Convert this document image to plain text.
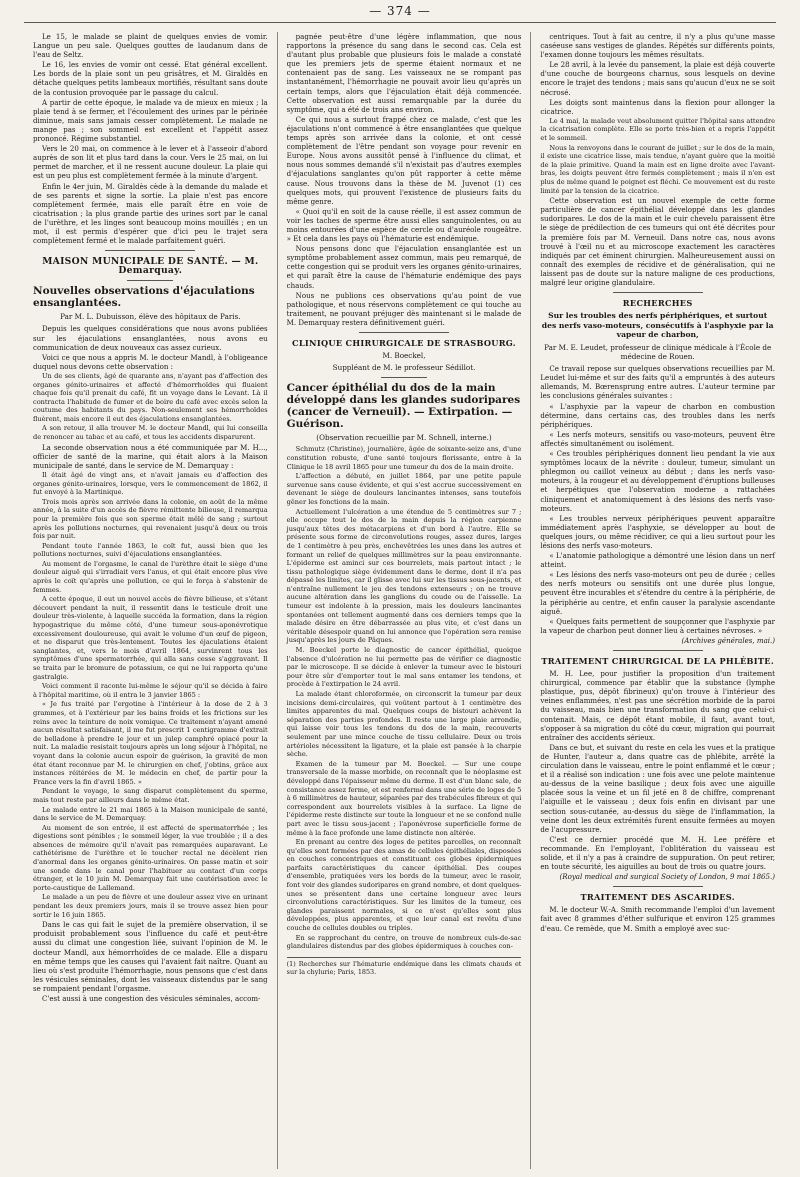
— 374 —

Le 15, le malade se plaint de quelques envies de vomir. Langue un peu sale. Quelques gouttes de laudanum dans de l'eau de Seltz.

Le 16, les envies de vomir ont cessé. Etat général excellent. Les bords de la plaie sont un peu grisâtres, et M. Giraldès en détache quelques petits lambeaux mortifiés, résultant sans doute de la contusion provoquée par le passage du calcul.

A partir de cette époque, le malade va de mieux en mieux ; la plaie tend à se fermer, et l'écoulement des urines par le périnée diminue, mais sans jamais cesser complètement. Le malade ne mange pas ; son sommeil est excellent et l'appétit assez prononcé. Régime substantiel.

Vers le 20 mai, on commence à le lever et à l'asseoir d'abord auprès de son lit et plus tard dans la cour. Vers le 25 mai, on lui permet de marcher, et il ne ressent aucune douleur. La plaie qui est un peu plus est complètement fermée à la minute d'argent.

Enfin le 4er juin, M. Giraldès cède à la demande du malade et de ses parents et signe la sortie. La plaie n'est pas encore complètement fermée, mais elle paraît être en voie de cicatrisation ; la plus grande partie des urines sort par le canal de l'urèthre, et les linges sont beaucoup moins mouillés ; en un mot, il est permis d'espérer que d'ici peu le trajet sera complètement fermé et le malade parfaitement guéri.

MAISON MUNICIPALE DE SANTÉ. — M. Demarquay.
Nouvelles observations d'éjaculations ensanglantées.
Par M. L. Dubuisson, élève des hôpitaux de Paris.

Depuis les quelques considérations que nous avons publiées sur les éjaculations ensanglantées, nous avons eu communication de deux nouveaux cas assez curieux.

Voici ce que nous a appris M. le docteur Mandl, à l'obligeance duquel nous devons cette observation :

Un de ses clients, âgé de quarante ans, n'ayant pas d'affection des organes génito-urinaires et affecté d'hémorrhoïdes qui fluaient chaque fois qu'il prenait du café, fit un voyage dans le Levant. Là il contracta l'habitude de fumer et de boire du café avec excès selon la coutume des habitants du pays. Non-seulement ses hémorrhoïdes fluèrent, mais encore il eut des éjaculations ensanglantées.

A son retour, il alla trouver M. le docteur Mandl, qui lui conseilla de renoncer au tabac et au café, et tous les accidents disparurent.

La seconde observation nous a été communiquée par M. H..., officier de santé de la marine, qui était alors à la Maison municipale de santé, dans le service de M. Demarquay :

Il était âgé de vingt ans, et n'avait jamais eu d'affection des organes génito-urinaires, lorsque, vers le commencement de 1862, il fut envoyé à la Martinique.

Trois mois après son arrivée dans la colonie, en août de la même année, à la suite d'un accès de fièvre rémittente bilieuse, il remarqua pour la première fois que son sperme était mêlé de sang ; surtout après les pollutions nocturnes, qui revenaient jusqu'à deux ou trois fois par nuit.

Pendant toute l'année 1863, le coït fut, aussi bien que les pollutions nocturnes, suivi d'éjaculations ensanglantées.

Au moment de l'orgasme, le canal de l'urèthre était le siège d'une douleur aiguë qui s'irradiait vers l'anus, et qui était encore plus vive après le coït qu'après une pollution, ce qui le força à s'abstenir de femmes.

A cette époque, il eut un nouvel accès de fièvre bilieuse, et s'étant découvert pendant la nuit, il ressentit dans le testicule droit une douleur très-violente, à laquelle succéda la formation, dans la région hypogastrique du même côté, d'une tumeur sous-aponévrotique excessivement douloureuse, qui avait le volume d'un œuf de pigeon, et ne disparut que très-lentement. Toutes les éjaculations étaient sanglantes, et, vers le mois d'avril 1864, survinrent tous les symptômes d'une spermatorrhée, qui alla sans cesse s'aggravant. Il se traita par le bromure de potassium, ce qui ne lui rapporta qu'une gastralgie.

Voici comment il raconte lui-même le séjour qu'il se décida à faire à l'hôpital maritime, où il entra le 3 janvier 1865 :

« Je fus traité par l'ergotine à l'intérieur à la dose de 2 à 3 grammes, et à l'extérieur par les bains froids et les frictions sur les reins avec la teinture de noix vomique. Ce traitement n'ayant amené aucun résultat satisfaisant, il me fut prescrit 1 centigramme d'extrait de belladone à prendre le jour et un julep camphré opiacé pour la nuit. La maladie resistait toujours après un long séjour à l'hôpital, ne voyant dans la colonie aucun espoir de guérison, la gravité de mon état étant reconnue par M. le chirurgien en chef, j'obtins, grâce aux instances réitérées de M. le médecin en chef, de partir pour la France vers la fin d'avril 1865. »

Pendant le voyage, le sang disparut complètement du sperme, mais tout reste par ailleurs dans le même état.

Le malade entre le 21 mai 1865 à la Maison municipale de santé, dans le service de M. Demarquay.

Au moment de son entrée, il est affecté de spermatorrhée ; les digestions sont pénibles ; le sommeil léger, la vue troublée ; il a des absences de mémoire qu'il n'avait pas remarquées auparavant. Le cathétérisme de l'urèthre et le toucher rectal ne décèlent rien d'anormal dans les organes génito-urinaires. On passe matin et soir une sonde dans le canal pour l'habituer au contact d'un corps étranger, et le 10 juin M. Demarquay fait une cautérisation avec le porte-caustique de Lallemand.

Le malade a un peu de fièvre et une douleur assez vive en urinant pendant les deux premiers jours, mais il se trouve assez bien pour sortir le 16 juin 1865.

Dans le cas qui fait le sujet de la première observation, il se produisit probablement sous l'influence du café et peut-être aussi du climat une congestion liée, suivant l'opinion de M. le docteur Mandl, aux hémorrhoïdes de ce malade. Elle a disparu en même temps que les causes qui l'avaient fait naître. Quant au lieu où s'est produite l'hémorrhagie, nous pensons que c'est dans les vésicules séminales, dont les vaisseaux distendus par le sang se rompaient pendant l'orgasme.

C'est aussi à une congestion des vésicules séminales, accom-

pagnée peut-être d'une légère inflammation, que nous rapportons la présence du sang dans le second cas. Cela est d'autant plus probable que plusieurs fois le malade a constaté que les premiers jets de sperme étaient normaux et ne contenaient pas de sang. Les vaisseaux ne se rompant pas instantanément, l'hémorrhagie ne pouvait avoir lieu qu'après un certain temps, alors que l'éjaculation était déjà commencée. Cette observation est aussi remarquable par la durée du symptôme, qui a été de trois ans environ.

Ce qui nous a surtout frappé chez ce malade, c'est que les éjaculations n'ont commencé à être ensanglantées que quelque temps après son arrivée dans la colonie, et ont cessé complètement de l'être pendant son voyage pour revenir en Europe. Nous avons aussitôt pensé à l'influence du climat, et nous nous sommes demandé s'il n'existait pas d'autres exemples d'éjaculations sanglantes qu'on pût rapporter à cette même cause. Nous trouvons dans la thèse de M. Juvenot (1) ces quelques mots, qui prouvent l'existence de plusieurs faits du même genre.

« Quoi qu'il en soit de la cause réelle, il est assez commun de voir les taches de sperme être aussi elles sanguinolentes, ou au moins entourées d'une espèce de cercle ou d'auréole rougeâtre. » Et cela dans les pays où l'hématurie est endémique.

Nous pensons donc que l'éjaculation ensanglantée est un symptôme probablement assez commun, mais peu remarqué, de cette congestion qui se produit vers les organes génito-urinaires, et qui paraît être la cause de l'hématurie endémique des pays chauds.

Nous ne publions ces observations qu'au point de vue pathologique, et nous réservons complètement ce qui touche au traitement, ne pouvant préjuger dès maintenant si le malade de M. Demarquay restera définitivement guéri.

CLINIQUE CHIRURGICALE DE STRASBOURG.
M. Boeckel,
Suppléant de M. le professeur Sédillot.
Cancer épithélial du dos de la main développé dans les glandes sudoripares (cancer de Verneuil). — Extirpation. — Guérison.
(Observation recueillie par M. Schnell, interne.)

Schmutz (Christine), journalière, âgée de soixante-seize ans, d'une constitution robuste, d'une santé toujours florissante, entre à la Clinique le 18 avril 1865 pour une tumeur du dos de la main droite.

L'affection a débuté, en juillet 1864, par une petite papule survenue sans cause évidente, et qui s'est accrue successivement en devenant le siège de douleurs lancinantes intenses, sans toutefois gêner les fonctions de la main.

Actuellement l'ulcération a une étendue de 5 centimètres sur 7 ; elle occupe tout le dos de la main depuis la région carpienne jusqu'aux têtes des métacarpiens et d'un bord à l'autre. Elle se présente sous forme de circonvolutions rouges, assez dures, larges de 1 centimètre à peu près, enchevêtrées les unes dans les autres et formant un relief de quelques millimètres sur la peau environnante. L'épiderme est aminci sur ces bourrelets, mais partout intact ; le tissu pathologique siège évidemment dans le derme, dont il n'a pas dépassé les limites, car il glisse avec lui sur les tissus sous-jacents, et n'entraîne nullement le jeu des tendons extenseurs ; on ne trouve aucune altération dans les ganglions du coude ou de l'aisselle. La tumeur est indolente à la pression, mais les douleurs lancinantes spontanées ont tellement augmenté dans ces derniers temps que la malade désire en être débarrassée au plus vite, et c'est dans un véritable désespoir quand on lui annonce que l'opération sera remise jusqu'après les jours de Pâques.

M. Boeckel porte le diagnostic de cancer épithélial, quoique l'absence d'ulcération ne lui permette pas de vérifier ce diagnostic par le microscope. Il se décide à enlever la tumeur avec le bistouri pour être sûr d'emporter tout le mal sans entamer les tendons, et procède à l'extirpation le 24 avril.

La malade étant chloroformée, on circonscrit la tumeur par deux incisions demi-circulaires, qui voûtent partout à 1 centimètre des limites apparentes du mal. Quelques coups de bistouri achèvent la séparation des parties profondes. Il reste une large plaie arrondie, qui laisse voir tous les tendons du dos de la main, recouverts seulement par une mince couche de tissu cellulaire. Deux ou trois artérioles nécessitent la ligature, et la plaie est pansée à la charpie sèche.

Examen de la tumeur par M. Boeckel. — Sur une coupe transversale de la masse morbide, on reconnaît que le néoplasme est développé dans l'épaisseur même du derme. Il est d'un blanc sale, de consistance assez ferme, et est renfermé dans une série de loges de 5 à 6 millimètres de hauteur, séparées par des trabécules fibreux et qui correspondent aux bourrelets visibles à la surface. La ligne de l'épiderme reste distincte sur toute la longueur et ne se confond nulle part avec le tissu sous-jacent ; l'aponévrose superficielle forme de même à la face profonde une lame distincte non altérée.

En prenant au centre des loges de petites parcelles, on reconnaît qu'elles sont formées par des amas de cellules épithéliales, disposées en couches concentriques et constituant ces globes épidermiques parfaits caractéristiques du cancer épithélial. Des coupes d'ensemble, pratiquées vers les bords de la tumeur, avec le rasoir, font voir des glandes sudoripares en grand nombre, et dont quelques-unes se présentent dans une certaine longueur avec leurs circonvolutions caractéristiques. Sur les limites de la tumeur, ces glandes paraissent normales, si ce n'est qu'elles sont plus développées, plus apparentes, et que leur canal est revêtu d'une couche de cellules doubles ou triples.

En se rapprochant du centre, on trouve de nombreux culs-de-sac glandulaires distendus par des globes épidermiques à couches con-

(1) Recherches sur l'hématurie endémique dans les climats chauds et sur la chylurie; Paris, 1853.

centriques. Tout à fait au centre, il n'y a plus qu'une masse caséeuse sans vestiges de glandes. Répétés sur différents points, l'examen donne toujours les mêmes résultats.

Le 28 avril, à la levée du pansement, la plaie est déjà couverte d'une couche de bourgeons charnus, sous lesquels on devine encore le trajet des tendons ; mais sans qu'aucun d'eux ne se soit nécrosé.

Les doigts sont maintenus dans la flexion pour allonger la cicatrice.

Le 4 mai, la malade veut absolument quitter l'hôpital sans attendre la cicatrisation complète. Elle se porte très-bien et a repris l'appétit et le sommeil.

Nous la renvoyons dans le courant de juillet ; sur le dos de la main, il existe une cicatrice lisse, mais tendue, n'ayant guère que la moitié de la plaie primitive. Quand la main est en ligne droite avec l'avant-bras, les doigts peuvent être fermés complètement ; mais il n'en est plus de même quand le poignet est fléchi. Ce mouvement est du reste limité par la tension de la cicatrice.

Cette observation est un nouvel exemple de cette forme particulière de cancer épithélial développé dans les glandes sudoripares. Le dos de la main et le cuir chevelu paraissent être le siège de prédilection de ces tumeurs qui ont été décrites pour la première fois par M. Verneuil. Dans notre cas, nous avons trouvé à l'œil nu et au microscope exactement les caractères indiqués par cet éminent chirurgien. Malheureusement aussi on connaît des exemples de récidive et de généralisation, qui ne laissent pas de doute sur la nature maligne de ces productions, malgré leur origine glandulaire.

RECHERCHES
Sur les troubles des nerfs périphériques, et surtout des nerfs vaso-moteurs, consécutifs à l'asphyxie par la vapeur de charbon,
Par M. E. Leudet, professeur de clinique médicale à l'École de médecine de Rouen.

Ce travail repose sur quelques observations recueillies par M. Leudet lui-même et sur des faits qu'il a empruntés à des auteurs allemands, M. Bœrensprung entre autres. L'auteur termine par les conclusions générales suivantes :

« L'asphyxie par la vapeur de charbon en combustion détermine, dans certains cas, des troubles dans les nerfs périphériques.

« Les nerfs moteurs, sensitifs ou vaso-moteurs, peuvent être affectés simultanément ou isolément.

« Ces troubles périphériques donnent lieu pendant la vie aux symptômes locaux de la névrite : douleur, tumeur, simulant un phlegmon ou caillot veineux au début ; dans les nerfs vaso-moteurs, à la rougeur et au développement d'éruptions bulleuses et herpétiques que l'observation moderne a rattachées cliniquement et anatomiquement à des lésions des nerfs vaso-moteurs.

« Les troubles nerveux périphériques peuvent apparaître immédiatement après l'asphyxie, se développer au bout de quelques jours, ou même récidiver, ce qui a lieu surtout pour les lésions des nerfs vaso-moteurs.

« L'anatomie pathologique a démontré une lésion dans un nerf atteint.

« Les lésions des nerfs vaso-moteurs ont peu de durée ; celles des nerfs moteurs ou sensitifs ont une durée plus longue, peuvent être incurables et s'étendre du centre à la périphérie, de la périphérie au centre, et enfin causer la paralysie ascendante aiguë.

« Quelques faits permettent de soupçonner que l'asphyxie par la vapeur de charbon peut donner lieu à certaines névroses. »

(Archives générales, mai.)

TRAITEMENT CHIRURGICAL DE LA PHLÉBITE.

M. H. Lee, pour justifier la proposition d'un traitement chirurgical, commence par établir que la substance (lymphe plastique, pus, dépôt fibrineux) qu'on trouve à l'intérieur des veines enflammées, n'est pas une sécrétion morbide de la paroi du vaisseau, mais bien une transformation du sang que celui-ci contenait. Mais, ce dépôt étant mobile, il faut, avant tout, s'opposer à sa migration du côté du cœur, migration qui pourrait entraîner des accidents sérieux.

Dans ce but, et suivant du reste en cela les vues et la pratique de Hunter, l'auteur a, dans quatre cas de phlébite, arrêté la circulation dans le vaisseau, entre le point enflammé et le cœur ; et il a réalisé son indication : une fois avec une pelote maintenue au-dessus de la veine basilique ; deux fois avec une aiguille placée sous la veine et un fil jeté en 8 de chiffre, comprenant l'aiguille et le vaisseau ; deux fois enfin en divisant par une section sous-cutanée, au-dessus du siège de l'inflammation, la veine dont les deux extrémités furent ensuite fermées au moyen de l'acupressure.

C'est ce dernier procédé que M. H. Lee préfère et recommande. En l'employant, l'oblitération du vaisseau est solide, et il n'y a pas à craindre de suppuration. On peut retirer, en toute sécurité, les aiguilles au bout de trois ou quatre jours.

(Royal medical and surgical Society of London, 9 mai 1865.)

TRAITEMENT DES ASCARIDES.

M. le docteur W.-A. Smith recommande l'emploi d'un lavement fait avec 8 grammes d'éther sulfurique et environ 125 grammes d'eau. Ce remède, que M. Smith a employé avec suc-
